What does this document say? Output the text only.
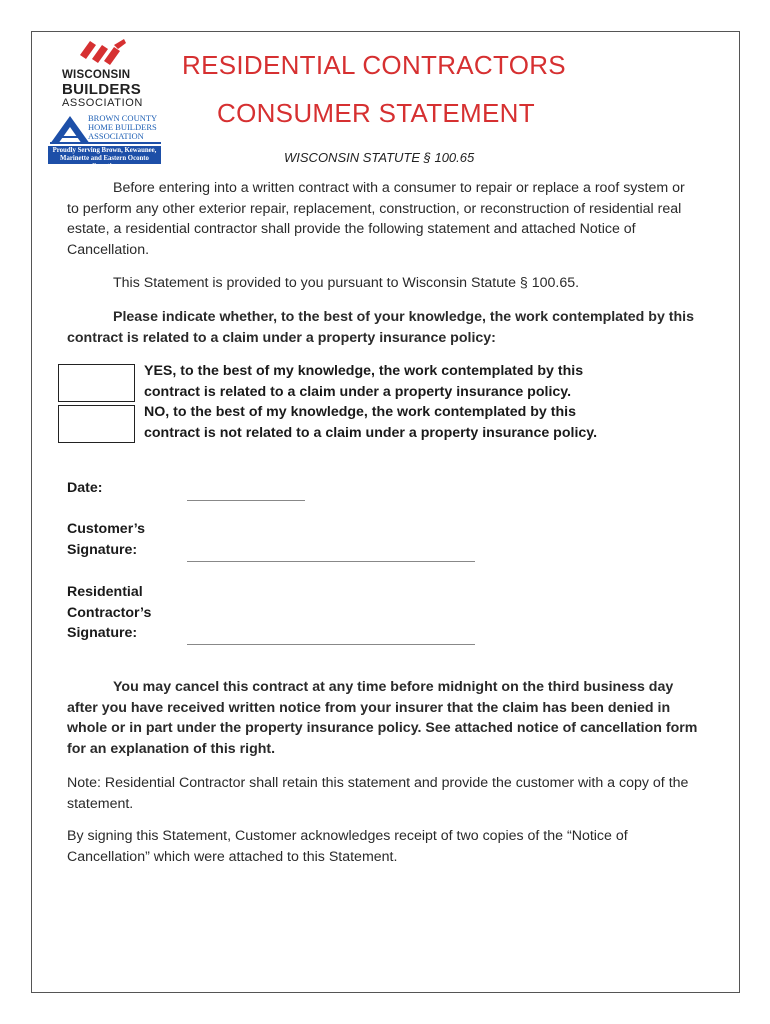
WISCONSIN
BUILDERS
ASSOCIATION
BROWN COUNTY
HOME BUILDERS
ASSOCIATION
Proudly Serving Brown, Kewaunee,
Marinette and Eastern Oconto Counties
RESIDENTIAL CONTRACTORS
CONSUMER STATEMENT
WISCONSIN STATUTE § 100.65
Before entering into a written contract with a consumer to repair or replace a roof system or to perform any other exterior repair, replacement, construction, or reconstruction of residential real estate, a residential contractor shall provide the following statement and attached Notice of Cancellation.
This Statement is provided to you pursuant to Wisconsin Statute § 100.65.
Please indicate whether, to the best of your knowledge, the work contemplated by this contract is related to a claim under a property insurance policy:
YES, to the best of my knowledge, the work contemplated by this
contract is related to a claim under a property insurance policy.
NO, to the best of my knowledge, the work contemplated by this
contract is not related to a claim under a property insurance policy.
Date:
Customer’s
Signature:
Residential
Contractor’s
Signature:
You may cancel this contract at any time before midnight on the third business day after you have received written notice from your insurer that the claim has been denied in whole or in part under the property insurance policy. See attached notice of cancellation form for an explanation of this right.
Note: Residential Contractor shall retain this statement and provide the customer with a copy of the statement.
By signing this Statement, Customer acknowledges receipt of two copies of the “Notice of Cancellation” which were attached to this Statement.
